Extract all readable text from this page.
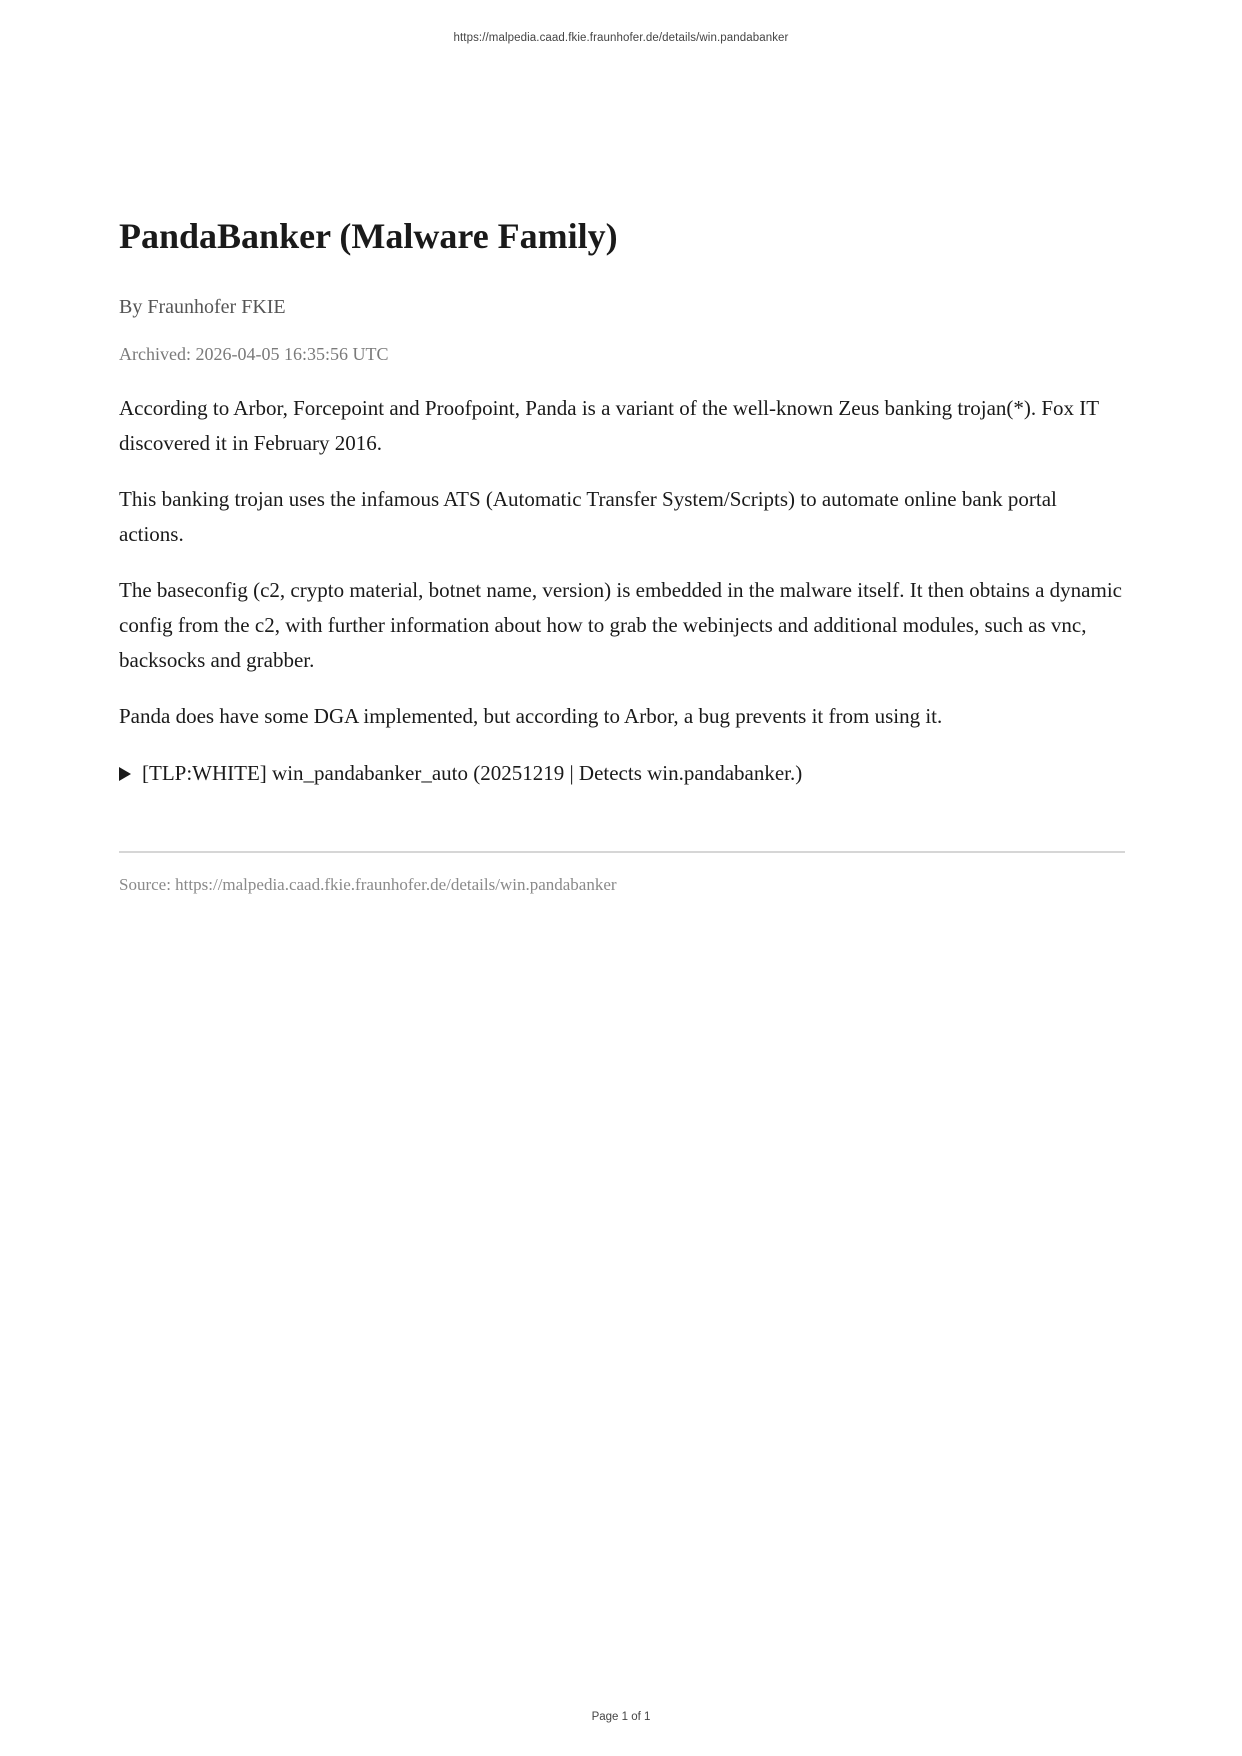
https://malpedia.caad.fkie.fraunhofer.de/details/win.pandabanker
PandaBanker (Malware Family)
By Fraunhofer FKIE
Archived: 2026-04-05 16:35:56 UTC

According to Arbor, Forcepoint and Proofpoint, Panda is a variant of the well-known Zeus banking trojan(*). Fox IT discovered it in February 2016.

This banking trojan uses the infamous ATS (Automatic Transfer System/Scripts) to automate online bank portal actions.

The baseconfig (c2, crypto material, botnet name, version) is embedded in the malware itself. It then obtains a dynamic config from the c2, with further information about how to grab the webinjects and additional modules, such as vnc, backsocks and grabber.

Panda does have some DGA implemented, but according to Arbor, a bug prevents it from using it.

[TLP:WHITE] win_pandabanker_auto (20251219 | Detects win.pandabanker.)
Source: https://malpedia.caad.fkie.fraunhofer.de/details/win.pandabanker
Page 1 of 1
